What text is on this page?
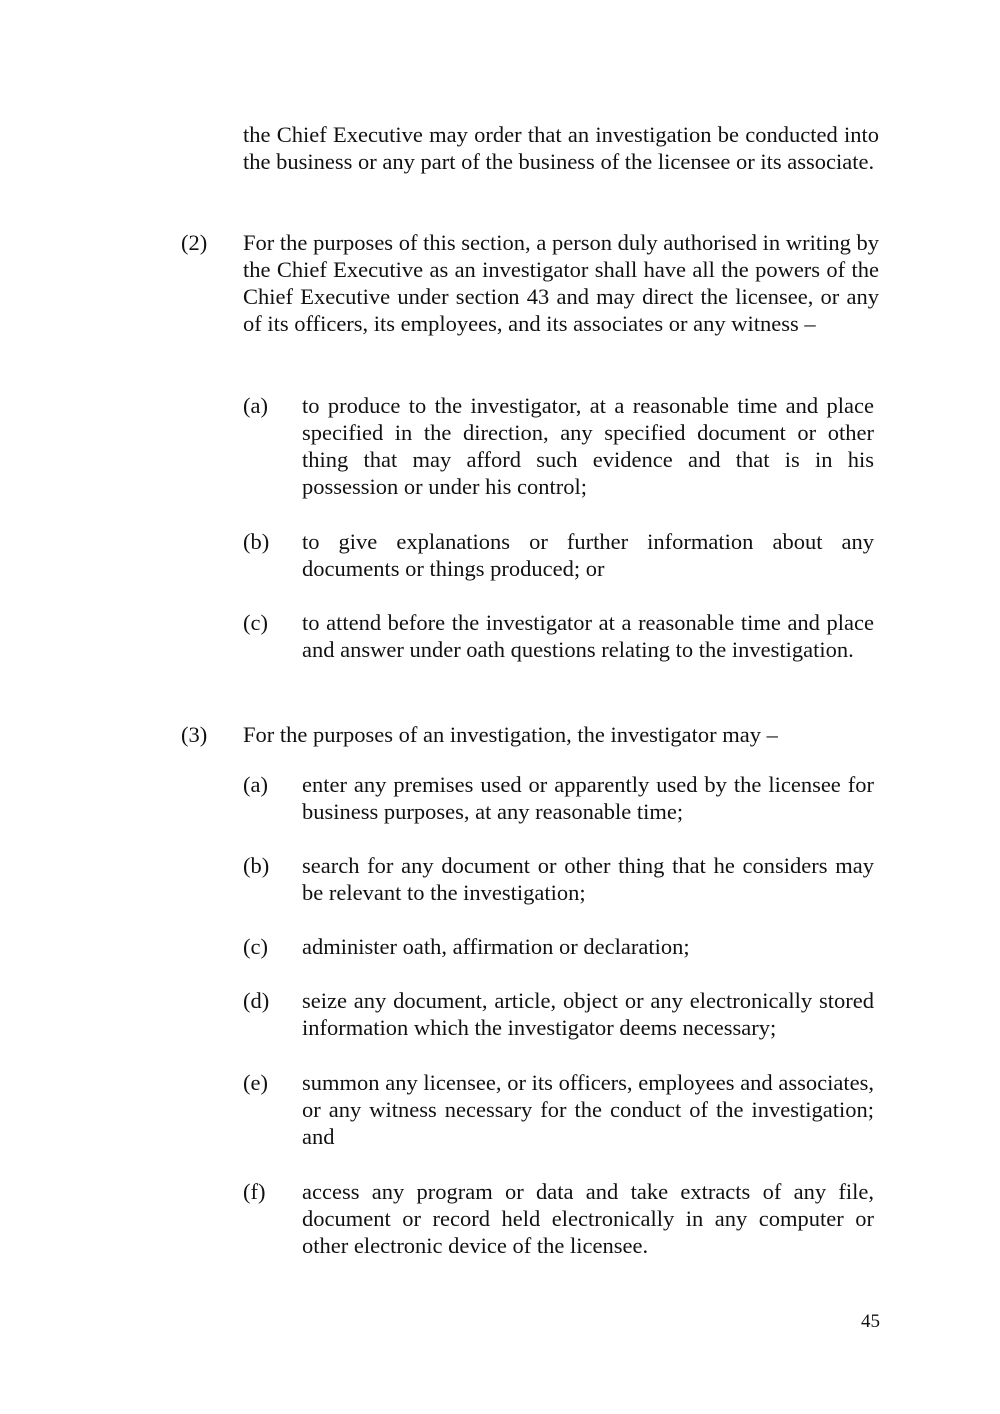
the Chief Executive may order that an investigation be conducted into the business or any part of the business of the licensee or its associate.
(2) For the purposes of this section, a person duly authorised in writing by the Chief Executive as an investigator shall have all the powers of the Chief Executive under section 43 and may direct the licensee, or any of its officers, its employees, and its associates or any witness –
(a) to produce to the investigator, at a reasonable time and place specified in the direction, any specified document or other thing that may afford such evidence and that is in his possession or under his control;
(b) to give explanations or further information about any documents or things produced; or
(c) to attend before the investigator at a reasonable time and place and answer under oath questions relating to the investigation.
(3) For the purposes of an investigation, the investigator may –
(a) enter any premises used or apparently used by the licensee for business purposes, at any reasonable time;
(b) search for any document or other thing that he considers may be relevant to the investigation;
(c) administer oath, affirmation or declaration;
(d) seize any document, article, object or any electronically stored information which the investigator deems necessary;
(e) summon any licensee, or its officers, employees and associates, or any witness necessary for the conduct of the investigation; and
(f) access any program or data and take extracts of any file, document or record held electronically in any computer or other electronic device of the licensee.
45
